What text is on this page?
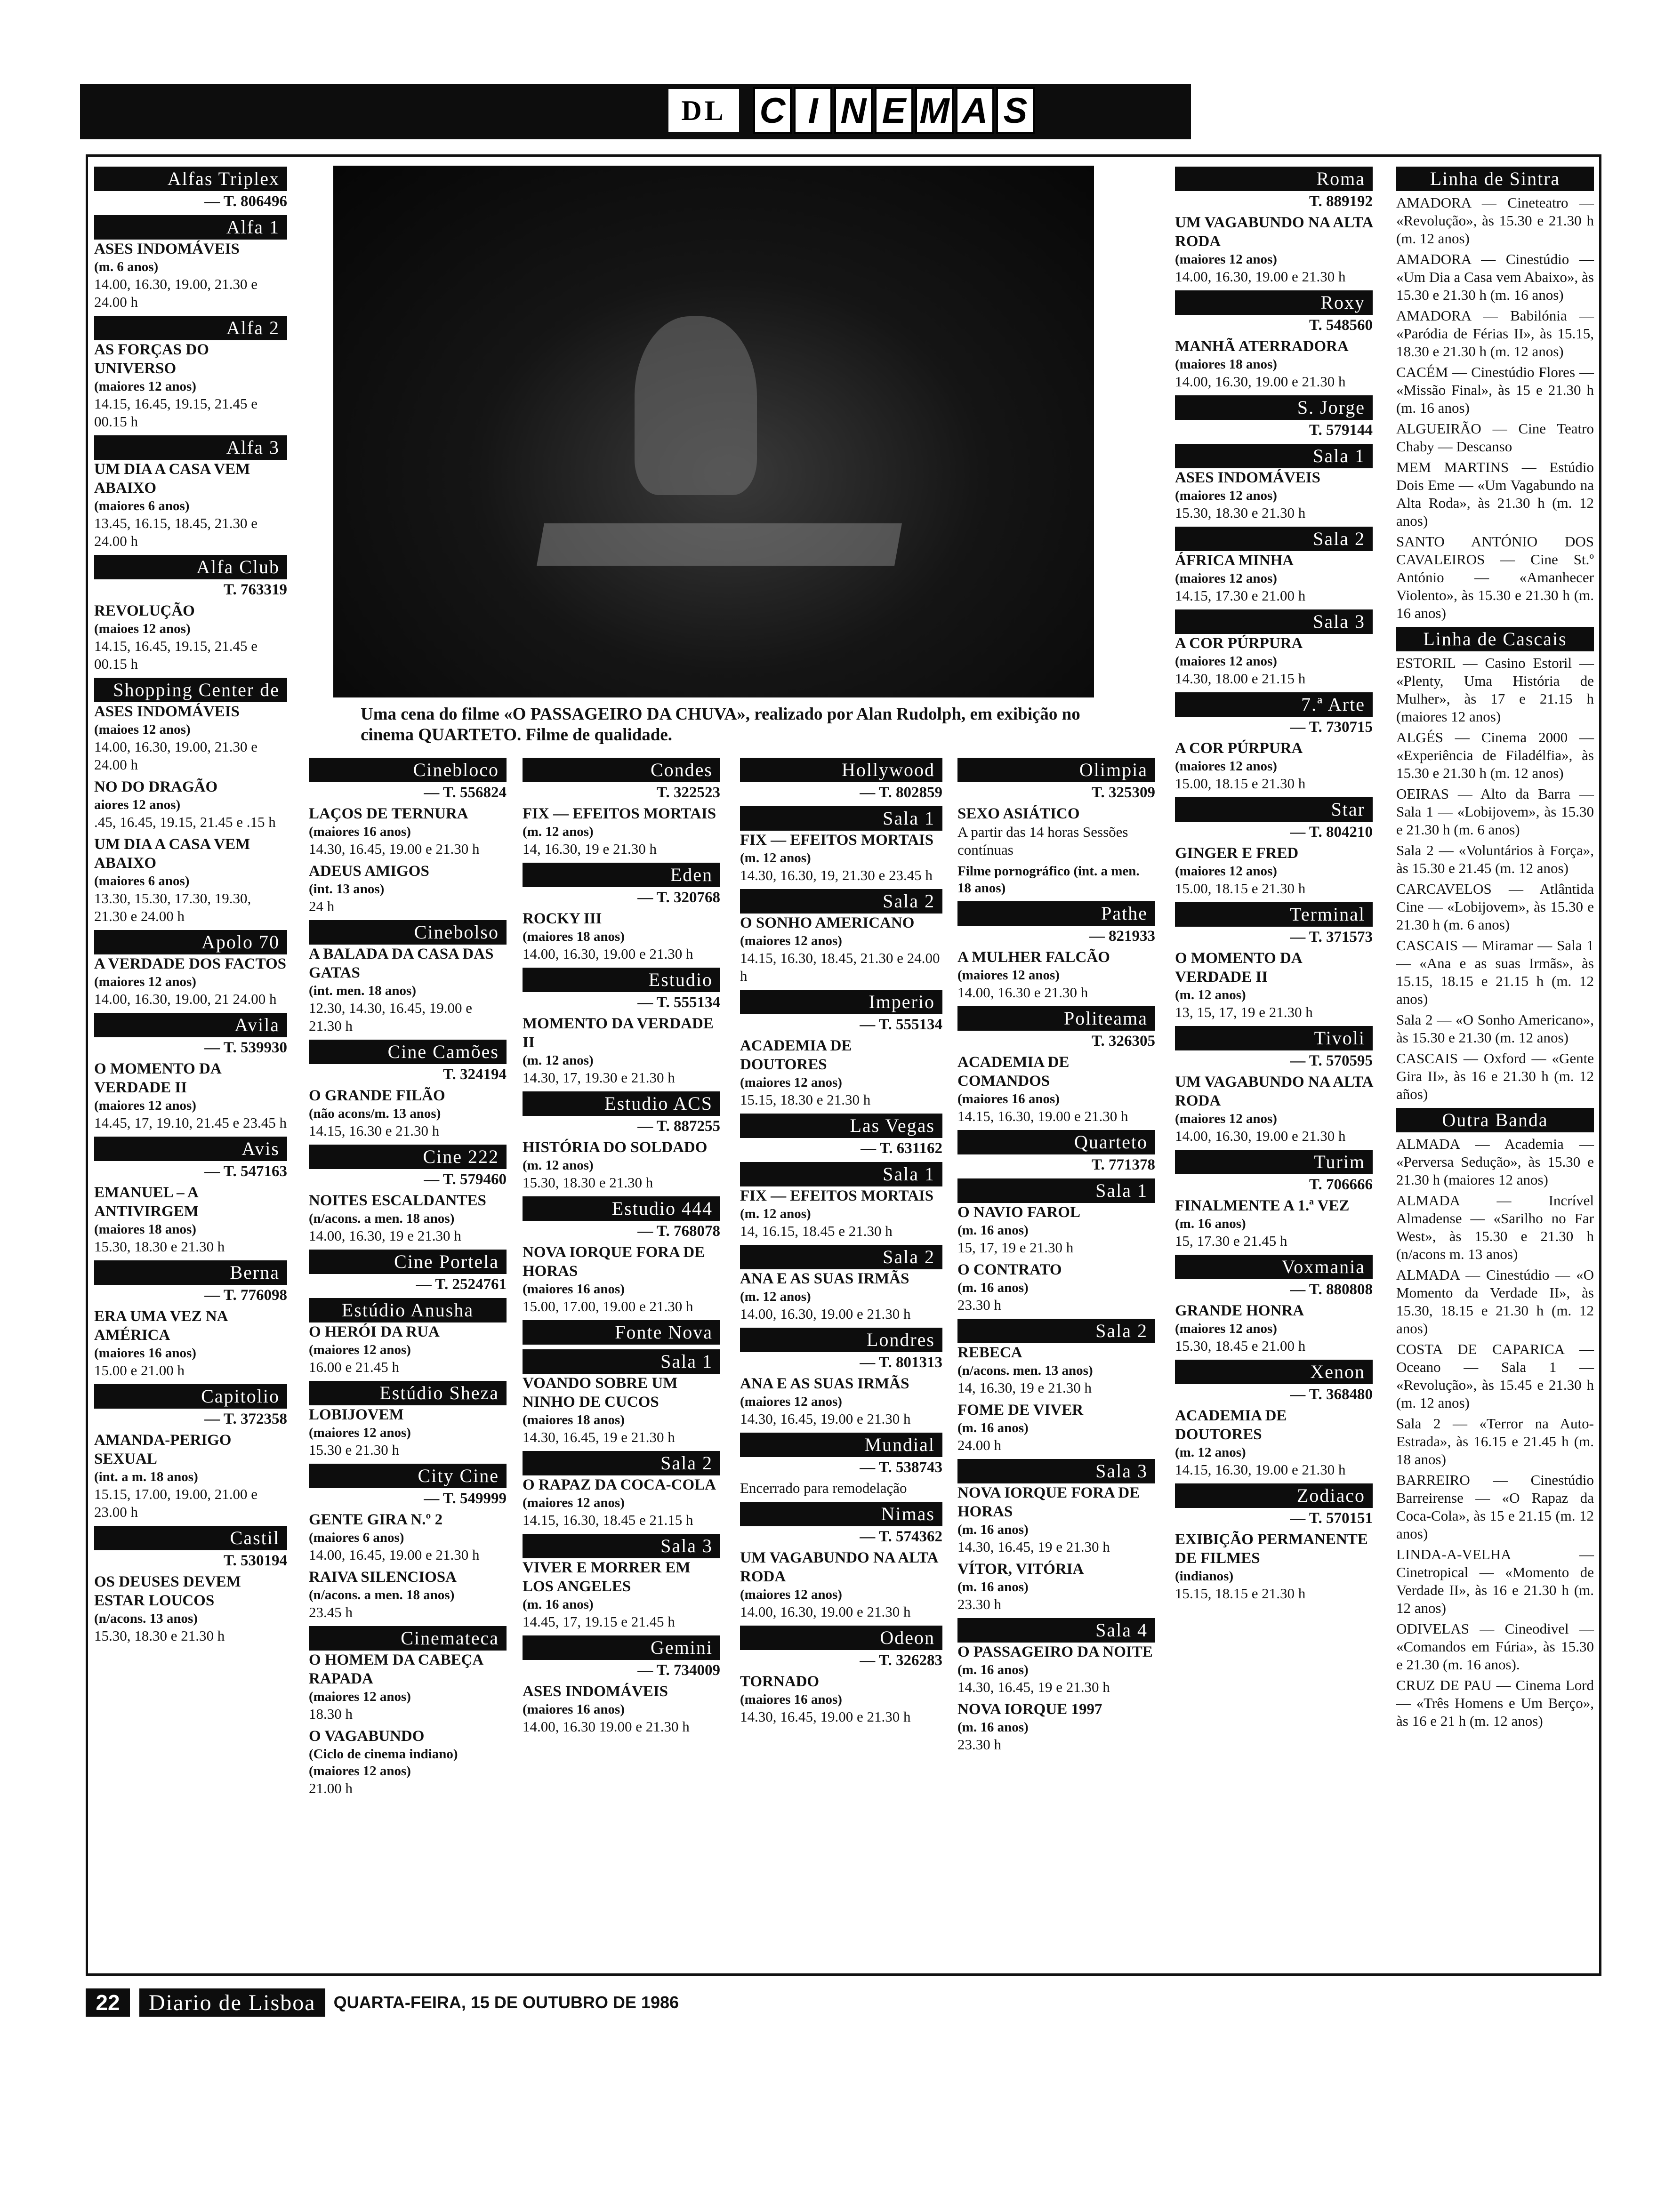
DL C I N E M A S
Uma cena do filme «O PASSAGEIRO DA CHUVA», realizado por Alan Rudolph, em exibição no cinema QUARTETO. Filme de qualidade.
Alfas Triplex
— T. 806496
Alfa 1
ASES INDOMÁVEIS
(m. 6 anos)
14.00, 16.30, 19.00, 21.30 e 24.00 h
Alfa 2
AS FORÇAS DO UNIVERSO
(maiores 12 anos)
14.15, 16.45, 19.15, 21.45 e 00.15 h
Alfa 3
UM DIA A CASA VEM ABAIXO
(maiores 6 anos)
13.45, 16.15, 18.45, 21.30 e 24.00 h
Alfa Club
T. 763319
REVOLUÇÃO
(maioes 12 anos)
14.15, 16.45, 19.15, 21.45 e 00.15 h
Shopping Center de Lisboa
ASES INDOMÁVEIS
(maioes 12 anos)
14.00, 16.30, 19.00, 21.30 e 24.00 h
NO DO DRAGÃO
aiores 12 anos)
.45, 16.45, 19.15, 21.45 e .15 h
UM DIA A CASA VEM ABAIXO
(maiores 6 anos)
13.30, 15.30, 17.30, 19.30, 21.30 e 24.00 h
Apolo 70
A VERDADE DOS FACTOS
(maiores 12 anos)
14.00, 16.30, 19.00, 21 24.00 h
Avila
— T. 539930
O MOMENTO DA VERDADE II
(maiores 12 anos)
14.45, 17, 19.10, 21.45 e 23.45 h
Avis
— T. 547163
EMANUEL – A ANTIVIRGEM
(maiores 18 anos)
15.30, 18.30 e 21.30 h
Berna
— T. 776098
ERA UMA VEZ NA AMÉRICA
(maiores 16 anos)
15.00 e 21.00 h
Capitolio
— T. 372358
AMANDA-PERIGO SEXUAL
(int. a m. 18 anos)
15.15, 17.00, 19.00, 21.00 e 23.00 h
Castil
T. 530194
OS DEUSES DEVEM ESTAR LOUCOS
(n/acons. 13 anos)
15.30, 18.30 e 21.30 h
Cinebloco
— T. 556824
LAÇOS DE TERNURA
(maiores 16 anos)
14.30, 16.45, 19.00 e 21.30 h
ADEUS AMIGOS
(int. 13 anos)
24 h
Cinebolso
A BALADA DA CASA DAS GATAS
(int. men. 18 anos)
12.30, 14.30, 16.45, 19.00 e 21.30 h
Cine Camões
T. 324194
O GRANDE FILÃO
(não acons/m. 13 anos)
14.15, 16.30 e 21.30 h
Cine 222
— T. 579460
NOITES ESCALDANTES
(n/acons. a men. 18 anos)
14.00, 16.30, 19 e 21.30 h
Cine Portela
— T. 2524761
Estúdio Anusha
O HERÓI DA RUA
(maiores 12 anos)
16.00 e 21.45 h
Estúdio Sheza
LOBIJOVEM
(maiores 12 anos)
15.30 e 21.30 h
City Cine
— T. 549999
GENTE GIRA N.º 2
(maiores 6 anos)
14.00, 16.45, 19.00 e 21.30 h
RAIVA SILENCIOSA
(n/acons. a men. 18 anos)
23.45 h
Cinemateca
O HOMEM DA CABEÇA RAPADA
(maiores 12 anos)
18.30 h
O VAGABUNDO
(Ciclo de cinema indiano) (maiores 12 anos)
21.00 h
Condes
T. 322523
FIX — EFEITOS MORTAIS
(m. 12 anos)
14, 16.30, 19 e 21.30 h
Eden
— T. 320768
ROCKY III
(maiores 18 anos)
14.00, 16.30, 19.00 e 21.30 h
Estudio
— T. 555134
MOMENTO DA VERDADE II
(m. 12 anos)
14.30, 17, 19.30 e 21.30 h
Estudio ACS
— T. 887255
HISTÓRIA DO SOLDADO
(m. 12 anos)
15.30, 18.30 e 21.30 h
Estudio 444
— T. 768078
NOVA IORQUE FORA DE HORAS
(maiores 16 anos)
15.00, 17.00, 19.00 e 21.30 h
Fonte Nova
Sala 1
VOANDO SOBRE UM NINHO DE CUCOS
(maiores 18 anos)
14.30, 16.45, 19 e 21.30 h
Sala 2
O RAPAZ DA COCA-COLA
(maiores 12 anos)
14.15, 16.30, 18.45 e 21.15 h
Sala 3
VIVER E MORRER EM LOS ANGELES
(m. 16 anos)
14.45, 17, 19.15 e 21.45 h
Gemini
— T. 734009
ASES INDOMÁVEIS
(maiores 16 anos)
14.00, 16.30 19.00 e 21.30 h
Hollywood
— T. 802859
Sala 1
FIX — EFEITOS MORTAIS
(m. 12 anos)
14.30, 16.30, 19, 21.30 e 23.45 h
Sala 2
O SONHO AMERICANO
(maiores 12 anos)
14.15, 16.30, 18.45, 21.30 e 24.00 h
Imperio
— T. 555134
ACADEMIA DE DOUTORES
(maiores 12 anos)
15.15, 18.30 e 21.30 h
Las Vegas
— T. 631162
Sala 1
FIX — EFEITOS MORTAIS
(m. 12 anos)
14, 16.15, 18.45 e 21.30 h
Sala 2
ANA E AS SUAS IRMÃS
(m. 12 anos)
14.00, 16.30, 19.00 e 21.30 h
Londres
— T. 801313
ANA E AS SUAS IRMÃS
(maiores 12 anos)
14.30, 16.45, 19.00 e 21.30 h
Mundial
— T. 538743
Encerrado para remodelação
Nimas
— T. 574362
UM VAGABUNDO NA ALTA RODA
(maiores 12 anos)
14.00, 16.30, 19.00 e 21.30 h
Odeon
— T. 326283
TORNADO
(maiores 16 anos)
14.30, 16.45, 19.00 e 21.30 h
Olimpia
T. 325309
SEXO ASIÁTICO
A partir das 14 horas Sessões contínuas
Filme pornográfico (int. a men. 18 anos)
Pathe
— 821933
A MULHER FALCÃO
(maiores 12 anos)
14.00, 16.30 e 21.30 h
Politeama
T. 326305
ACADEMIA DE COMANDOS
(maiores 16 anos)
14.15, 16.30, 19.00 e 21.30 h
Quarteto
T. 771378
Sala 1
O NAVIO FAROL
(m. 16 anos)
15, 17, 19 e 21.30 h
O CONTRATO
(m. 16 anos)
23.30 h
Sala 2
REBECA
(n/acons. men. 13 anos)
14, 16.30, 19 e 21.30 h
FOME DE VIVER
(m. 16 anos)
24.00 h
Sala 3
NOVA IORQUE FORA DE HORAS
(m. 16 anos)
14.30, 16.45, 19 e 21.30 h
VÍTOR, VITÓRIA
(m. 16 anos)
23.30 h
Sala 4
O PASSAGEIRO DA NOITE
(m. 16 anos)
14.30, 16.45, 19 e 21.30 h
NOVA IORQUE 1997
(m. 16 anos)
23.30 h
Roma
T. 889192
UM VAGABUNDO NA ALTA RODA
(maiores 12 anos)
14.00, 16.30, 19.00 e 21.30 h
Roxy
T. 548560
MANHÃ ATERRADORA
(maiores 18 anos)
14.00, 16.30, 19.00 e 21.30 h
S. Jorge
T. 579144
Sala 1
ASES INDOMÁVEIS
(maiores 12 anos)
15.30, 18.30 e 21.30 h
Sala 2
ÁFRICA MINHA
(maiores 12 anos)
14.15, 17.30 e 21.00 h
Sala 3
A COR PÚRPURA
(maiores 12 anos)
14.30, 18.00 e 21.15 h
7.ª Arte
— T. 730715
A COR PÚRPURA
(maiores 12 anos)
15.00, 18.15 e 21.30 h
Star
— T. 804210
GINGER E FRED
(maiores 12 anos)
15.00, 18.15 e 21.30 h
Terminal
— T. 371573
O MOMENTO DA VERDADE II
(m. 12 anos)
13, 15, 17, 19 e 21.30 h
Tivoli
— T. 570595
UM VAGABUNDO NA ALTA RODA
(maiores 12 anos)
14.00, 16.30, 19.00 e 21.30 h
Turim
T. 706666
FINALMENTE A 1.ª VEZ
(m. 16 anos)
15, 17.30 e 21.45 h
Voxmania
— T. 880808
GRANDE HONRA
(maiores 12 anos)
15.30, 18.45 e 21.00 h
Xenon
— T. 368480
ACADEMIA DE DOUTORES
(m. 12 anos)
14.15, 16.30, 19.00 e 21.30 h
Zodiaco
— T. 570151
EXIBIÇÃO PERMANENTE DE FILMES
(indianos)
15.15, 18.15 e 21.30 h
Linha de Sintra
AMADORA — Cineteatro — «Revolução», às 15.30 e 21.30 h (m. 12 anos)
AMADORA — Cinestúdio — «Um Dia a Casa vem Abaixo», às 15.30 e 21.30 h (m. 16 anos)
AMADORA — Babilónia — «Paródia de Férias II», às 15.15, 18.30 e 21.30 h (m. 12 anos)
CACÉM — Cinestúdio Flores — «Missão Final», às 15 e 21.30 h (m. 16 anos)
ALGUEIRÃO — Cine Teatro Chaby — Descanso
MEM MARTINS — Estúdio Dois Eme — «Um Vagabundo na Alta Roda», às 21.30 h (m. 12 anos)
SANTO ANTÓNIO DOS CAVALEIROS — Cine St.º António — «Amanhecer Violento», às 15.30 e 21.30 h (m. 16 anos)
Linha de Cascais
ESTORIL — Casino Estoril — «Plenty, Uma História de Mulher», às 17 e 21.15 h (maiores 12 anos)
ALGÉS — Cinema 2000 — «Experiência de Filadélfia», às 15.30 e 21.30 h (m. 12 anos)
OEIRAS — Alto da Barra — Sala 1 — «Lobijovem», às 15.30 e 21.30 h (m. 6 anos)
Sala 2 — «Voluntários à Força», às 15.30 e 21.45 (m. 12 anos)
CARCAVELOS — Atlântida Cine — «Lobijovem», às 15.30 e 21.30 h (m. 6 anos)
CASCAIS — Miramar — Sala 1 — «Ana e as suas Irmãs», às 15.15, 18.15 e 21.15 h (m. 12 anos)
Sala 2 — «O Sonho Americano», às 15.30 e 21.30 (m. 12 anos)
CASCAIS — Oxford — «Gente Gira II», às 16 e 21.30 h (m. 12 años)
Outra Banda
ALMADA — Academia — «Perversa Sedução», às 15.30 e 21.30 h (maiores 12 anos)
ALMADA — Incrível Almadense — «Sarilho no Far West», às 15.30 e 21.30 h (n/acons m. 13 anos)
ALMADA — Cinestúdio — «O Momento da Verdade II», às 15.30, 18.15 e 21.30 h (m. 12 anos)
COSTA DE CAPARICA — Oceano — Sala 1 — «Revolução», às 15.45 e 21.30 h (m. 12 anos)
Sala 2 — «Terror na Auto-Estrada», às 16.15 e 21.45 h (m. 18 anos)
BARREIRO — Cinestúdio Barreirense — «O Rapaz da Coca-Cola», às 15 e 21.15 (m. 12 anos)
LINDA-A-VELHA — Cinetropical — «Momento de Verdade II», às 16 e 21.30 h (m. 12 anos)
ODIVELAS — Cineodivel — «Comandos em Fúria», às 15.30 e 21.30 (m. 16 anos).
CRUZ DE PAU — Cinema Lord — «Três Homens e Um Berço», às 16 e 21 h (m. 12 anos)
22	Diario de Lisboa	QUARTA-FEIRA, 15 DE OUTUBRO DE 1986
